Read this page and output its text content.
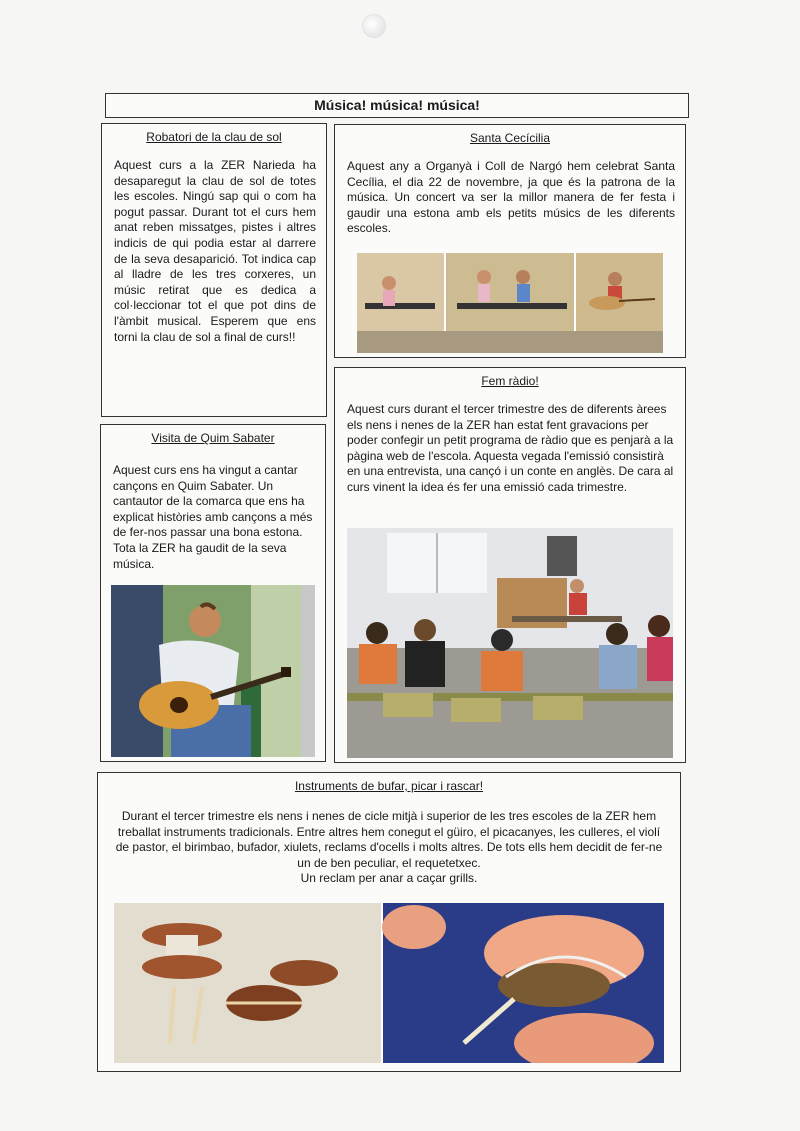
Música! música! música!
Robatori de la clau de sol
Aquest curs a la ZER Narieda ha desaparegut la clau de sol de totes les escoles. Ningú sap qui o com ha pogut passar. Durant tot el curs hem anat reben missatges, pistes i altres indicis de qui podia estar al darrere de la seva desaparició. Tot indica cap al lladre de les tres corxeres, un músic retirat que es dedica a col·leccionar tot el que pot dins de l'àmbit musical. Esperem que ens torni la clau de sol a final de curs!!
Santa Cecícilia
Aquest any a Organyà i Coll de Nargó hem celebrat Santa Cecília, el dia 22 de novembre, ja que és la patrona de la música. Un concert va ser la millor manera de fer festa i gaudir una estona amb els petits músics de les diferents escoles.
Fem ràdio!
Aquest curs durant el tercer trimestre des de diferents àrees els nens i nenes de la ZER han estat fent gravacions per poder confegir un petit programa de ràdio que es penjarà a la pàgina web de l'escola. Aquesta vegada l'emissió consistirà en una entrevista, una cançó i un conte en anglès. De cara al curs vinent la idea és fer una emissió cada trimestre.
Visita de Quim Sabater
Aquest curs ens ha vingut a cantar cançons en Quim Sabater. Un cantautor de la comarca que ens ha explicat històries amb cançons a més de fer-nos passar una bona estona. Tota la ZER ha gaudit de la seva música.
Instruments de bufar, picar i rascar!
Durant el tercer trimestre els nens i nenes de cicle mitjà i superior de les tres escoles de la ZER hem treballat instruments tradicionals. Entre altres hem conegut el güiro, el picacanyes, les culleres, el violí de pastor, el birimbao, bufador, xiulets, reclams d'ocells i molts altres. De tots ells hem decidit de fer-ne un de ben peculiar, el requetetxec.
Un reclam per anar a caçar grills.
